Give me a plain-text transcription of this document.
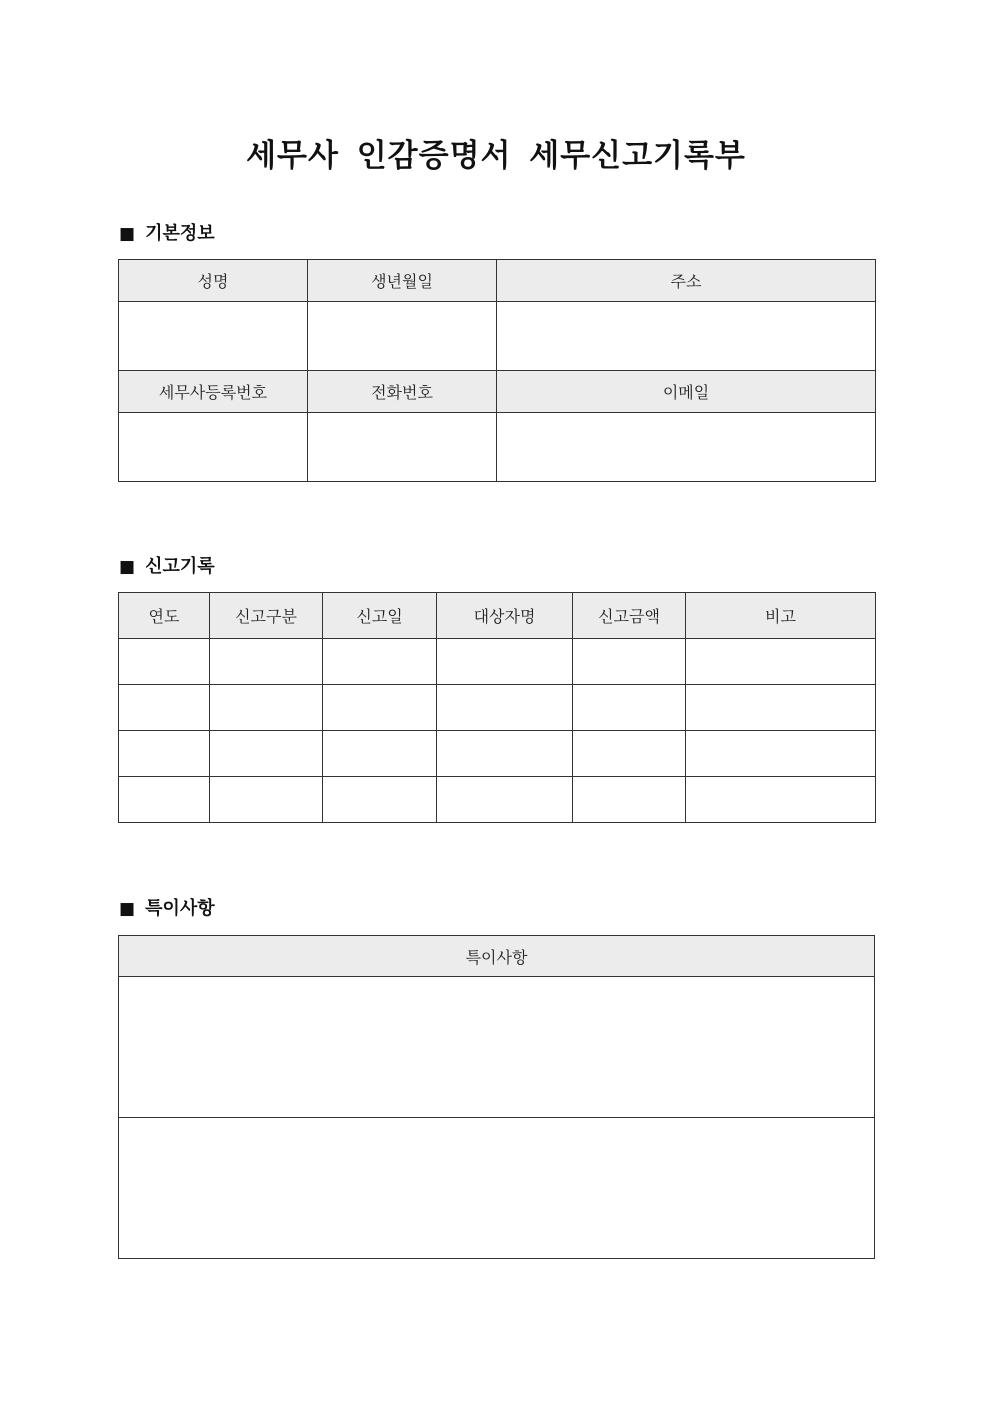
세무사 인감증명서 세무신고기록부
■ 기본정보
성명	생년월일	주소

세무사등록번호	전화번호	이메일

■ 신고기록
연도	신고구분	신고일	대상자명	신고금액	비고

■ 특이사항
특이사항
